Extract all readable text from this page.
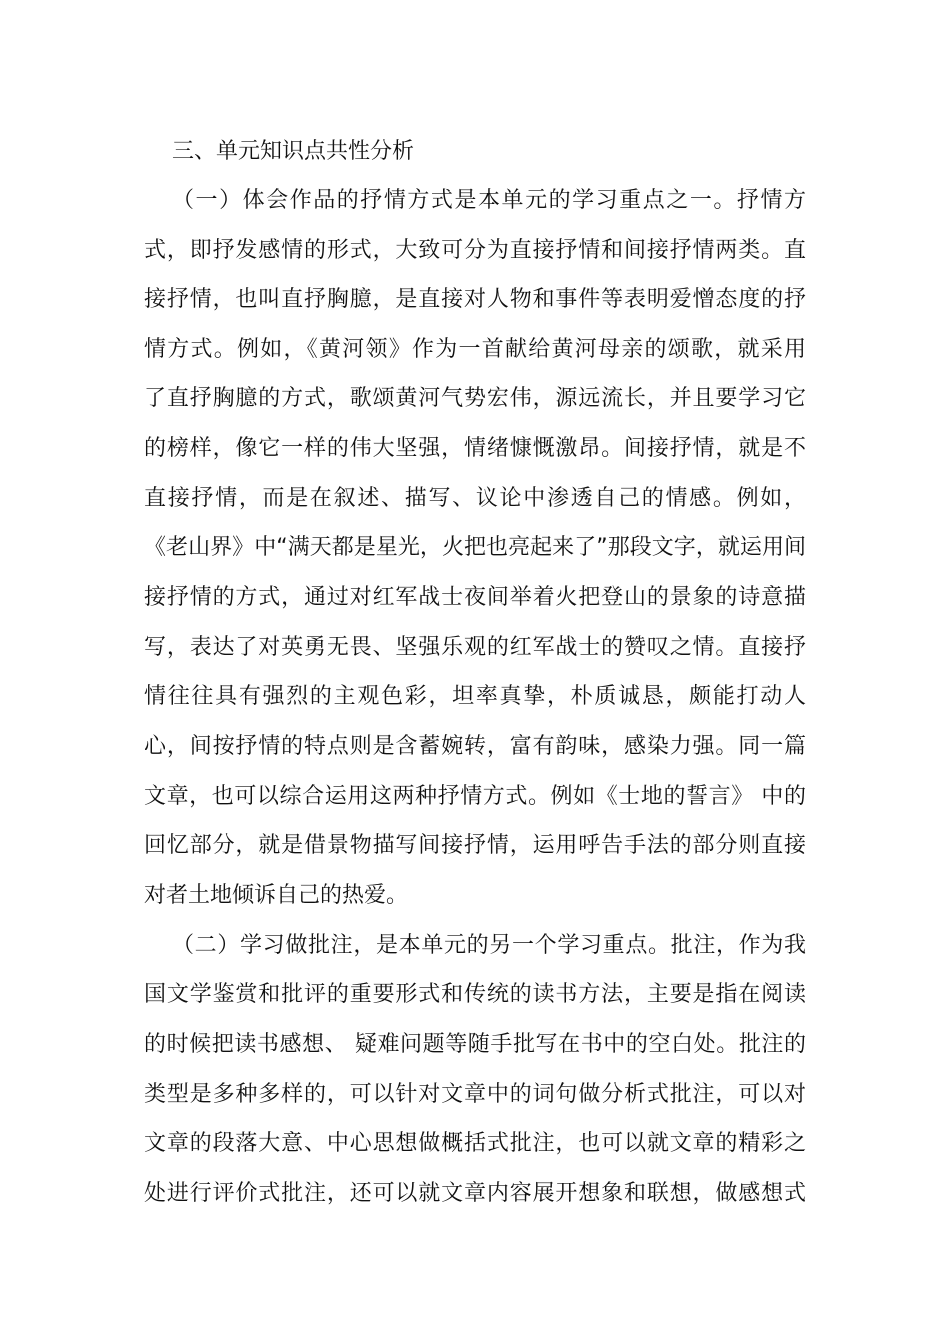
三、单元知识点共性分析
（一）体会作品的抒情方式是本单元的学习重点之一。抒情方
式，即抒发感情的形式，大致可分为直接抒情和间接抒情两类。直
接抒情，也叫直抒胸臆，是直接对人物和事件等表明爱憎态度的抒
情方式。例如，《黄河领》作为一首献给黄河母亲的颂歌，就采用
了直抒胸臆的方式，歌颂黄河气势宏伟，源远流长，并且要学习它
的榜样，像它一样的伟大坚强，情绪慷慨激昂。间接抒情，就是不
直接抒情，而是在叙述、描写、议论中渗透自己的情感。例如，
《老山界》中“满天都是星光，火把也亮起来了”那段文字，就运用间
接抒情的方式，通过对红军战士夜间举着火把登山的景象的诗意描
写，表达了对英勇无畏、坚强乐观的红军战士的赞叹之情。直接抒
情往往具有强烈的主观色彩，坦率真挚，朴质诚恳，颇能打动人
心，间按抒情的特点则是含蓄婉转，富有韵味，感染力强。同一篇
文章，也可以综合运用这两种抒情方式。例如《士地的誓言》 中的
回忆部分，就是借景物描写间接抒情，运用呼告手法的部分则直接
对者土地倾诉自己的热爱。
（二）学习做批注，是本单元的另一个学习重点。批注，作为我
国文学鉴赏和批评的重要形式和传统的读书方法，主要是指在阅读
的时候把读书感想、 疑难问题等随手批写在书中的空白处。批注的
类型是多种多样的，可以针对文章中的词句做分析式批注，可以对
文章的段落大意、中心思想做概括式批注，也可以就文章的精彩之
处进行评价式批注，还可以就文章内容展开想象和联想，做感想式
